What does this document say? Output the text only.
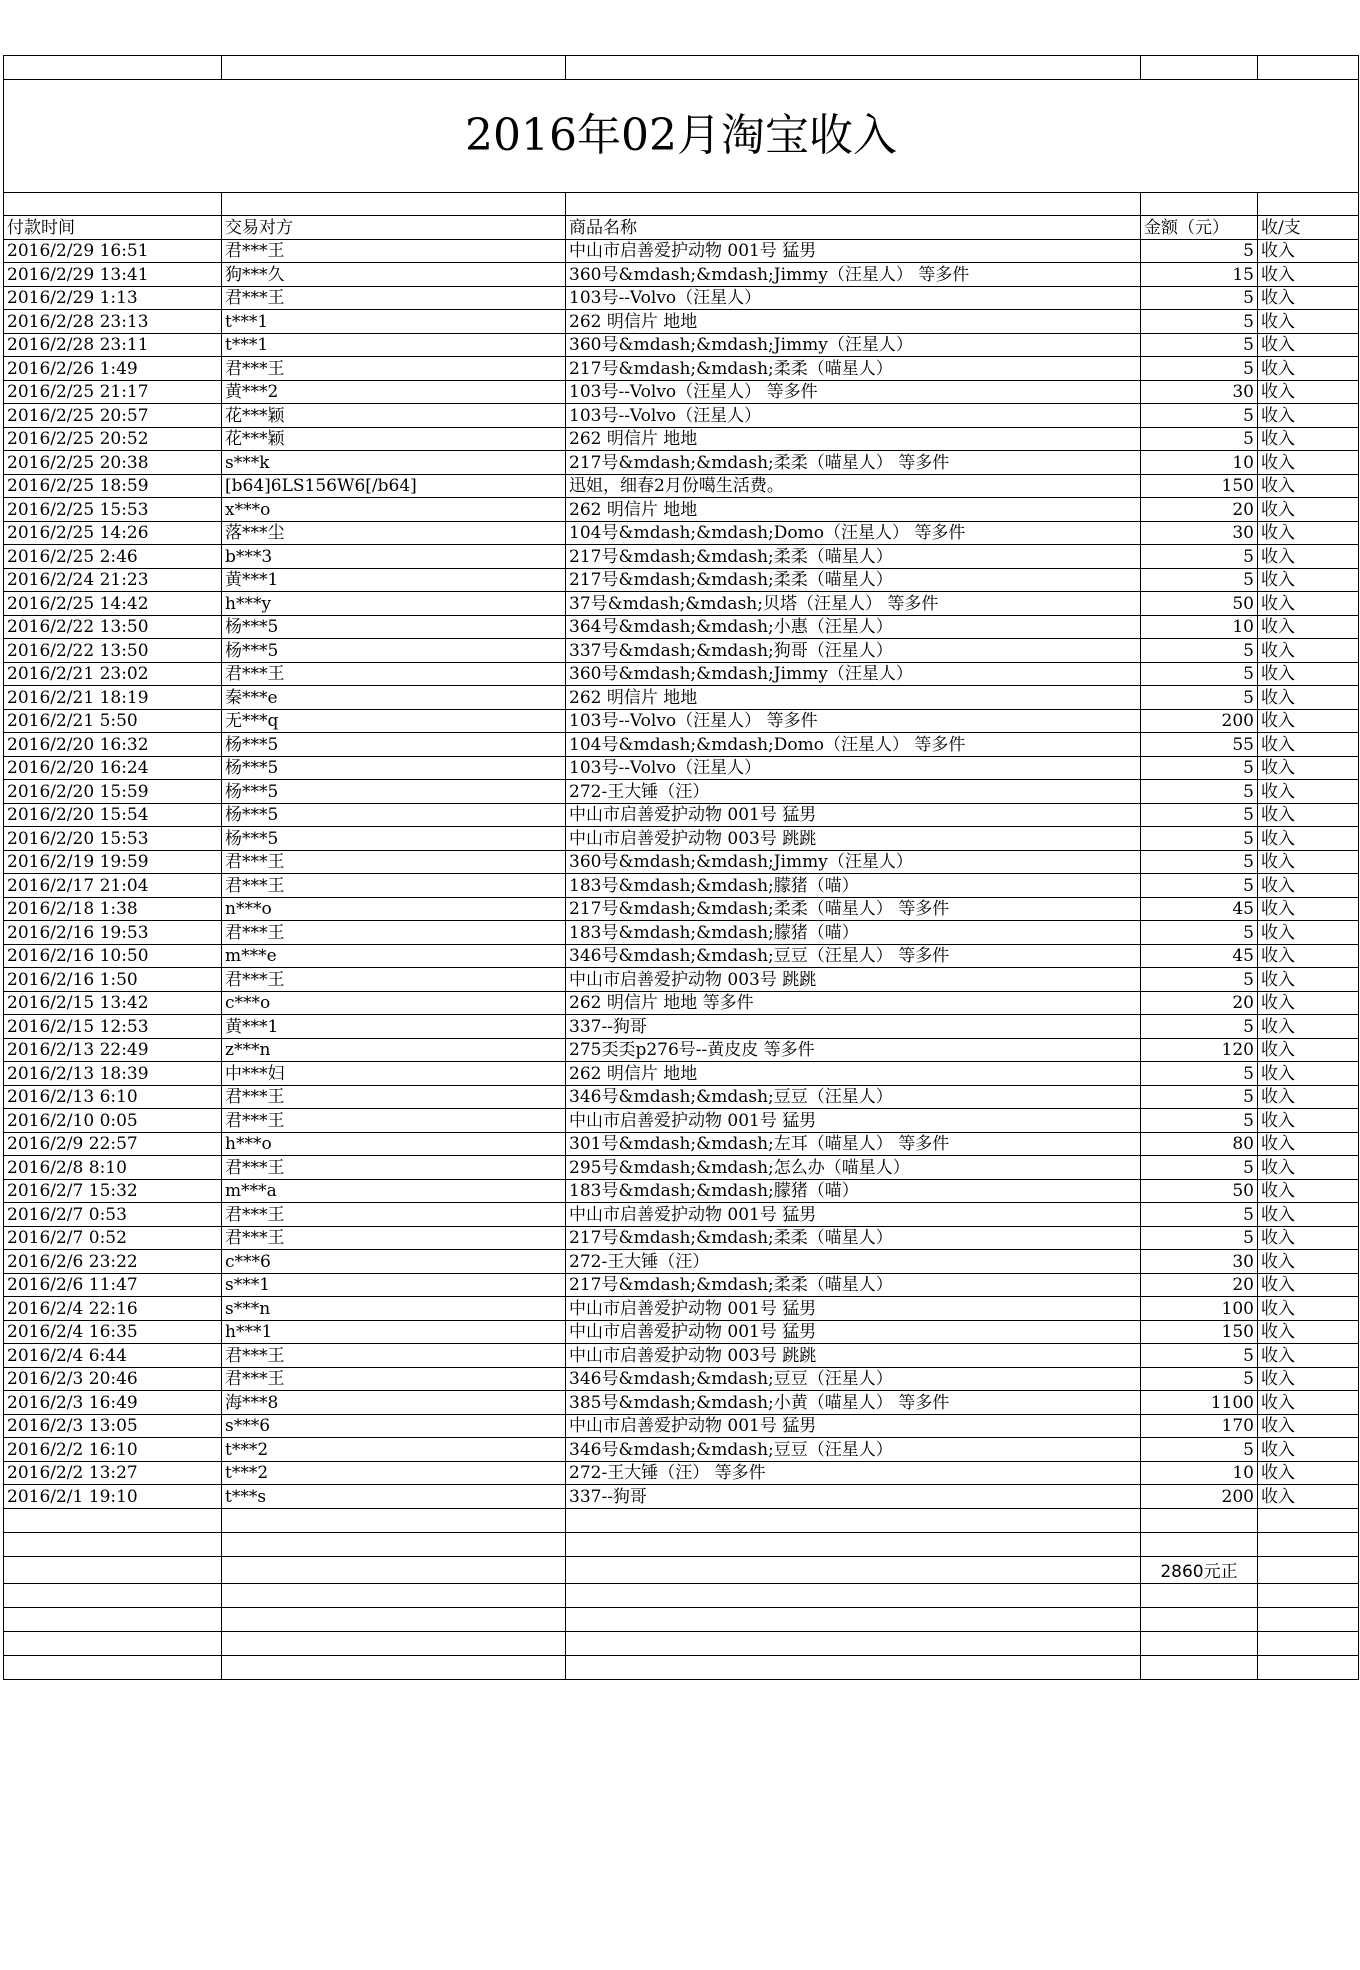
2016年02月淘宝收入				

付款时间	交易对方	商品名称	金额（元）	收/支
2016/2/29 16:51	君***王	中山市启善爱护动物 001号 猛男	5	收入
2016/2/29 13:41	狗***久	360号&mdash;&mdash;Jimmy（汪星人） 等多件	15	收入
2016/2/29 1:13	君***王	103号--Volvo（汪星人）	5	收入
2016/2/28 23:13	t***1	262 明信片 地地	5	收入
2016/2/28 23:11	t***1	360号&mdash;&mdash;Jimmy（汪星人）	5	收入
2016/2/26 1:49	君***王	217号&mdash;&mdash;柔柔（喵星人）	5	收入
2016/2/25 21:17	黄***2	103号--Volvo（汪星人） 等多件	30	收入
2016/2/25 20:57	花***颖	103号--Volvo（汪星人）	5	收入
2016/2/25 20:52	花***颖	262 明信片 地地	5	收入
2016/2/25 20:38	s***k	217号&mdash;&mdash;柔柔（喵星人） 等多件	10	收入
2016/2/25 18:59	[b64]6LS156W6[/b64]	迅姐，细春2月份噶生活费。	150	收入
2016/2/25 15:53	x***o	262 明信片 地地	20	收入
2016/2/25 14:26	落***尘	104号&mdash;&mdash;Domo（汪星人） 等多件	30	收入
2016/2/25 2:46	b***3	217号&mdash;&mdash;柔柔（喵星人）	5	收入
2016/2/24 21:23	黄***1	217号&mdash;&mdash;柔柔（喵星人）	5	收入
2016/2/25 14:42	h***y	37号&mdash;&mdash;贝塔（汪星人） 等多件	50	收入
2016/2/22 13:50	杨***5	364号&mdash;&mdash;小惠（汪星人）	10	收入
2016/2/22 13:50	杨***5	337号&mdash;&mdash;狗哥（汪星人）	5	收入
2016/2/21 23:02	君***王	360号&mdash;&mdash;Jimmy（汪星人）	5	收入
2016/2/21 18:19	秦***e	262 明信片 地地	5	收入
2016/2/21 5:50	无***q	103号--Volvo（汪星人） 等多件	200	收入
2016/2/20 16:32	杨***5	104号&mdash;&mdash;Domo（汪星人） 等多件	55	收入
2016/2/20 16:24	杨***5	103号--Volvo（汪星人）	5	收入
2016/2/20 15:59	杨***5	272-王大锤（汪）	5	收入
2016/2/20 15:54	杨***5	中山市启善爱护动物 001号 猛男	5	收入
2016/2/20 15:53	杨***5	中山市启善爱护动物 003号 跳跳	5	收入
2016/2/19 19:59	君***王	360号&mdash;&mdash;Jimmy（汪星人）	5	收入
2016/2/17 21:04	君***王	183号&mdash;&mdash;朦猪（喵）	5	收入
2016/2/18 1:38	n***o	217号&mdash;&mdash;柔柔（喵星人） 等多件	45	收入
2016/2/16 19:53	君***王	183号&mdash;&mdash;朦猪（喵）	5	收入
2016/2/16 10:50	m***e	346号&mdash;&mdash;豆豆（汪星人） 等多件	45	收入
2016/2/16 1:50	君***王	中山市启善爱护动物 003号 跳跳	5	收入
2016/2/15 13:42	c***o	262 明信片 地地 等多件	20	收入
2016/2/15 12:53	黄***1	337--狗哥	5	收入
2016/2/13 22:49	z***n	275奀奀p276号--黄皮皮 等多件	120	收入
2016/2/13 18:39	中***妇	262 明信片 地地	5	收入
2016/2/13 6:10	君***王	346号&mdash;&mdash;豆豆（汪星人）	5	收入
2016/2/10 0:05	君***王	中山市启善爱护动物 001号 猛男	5	收入
2016/2/9 22:57	h***o	301号&mdash;&mdash;左耳（喵星人） 等多件	80	收入
2016/2/8 8:10	君***王	295号&mdash;&mdash;怎么办（喵星人）	5	收入
2016/2/7 15:32	m***a	183号&mdash;&mdash;朦猪（喵）	50	收入
2016/2/7 0:53	君***王	中山市启善爱护动物 001号 猛男	5	收入
2016/2/7 0:52	君***王	217号&mdash;&mdash;柔柔（喵星人）	5	收入
2016/2/6 23:22	c***6	272-王大锤（汪）	30	收入
2016/2/6 11:47	s***1	217号&mdash;&mdash;柔柔（喵星人）	20	收入
2016/2/4 22:16	s***n	中山市启善爱护动物 001号 猛男	100	收入
2016/2/4 16:35	h***1	中山市启善爱护动物 001号 猛男	150	收入
2016/2/4 6:44	君***王	中山市启善爱护动物 003号 跳跳	5	收入
2016/2/3 20:46	君***王	346号&mdash;&mdash;豆豆（汪星人）	5	收入
2016/2/3 16:49	海***8	385号&mdash;&mdash;小黄（喵星人） 等多件	1100	收入
2016/2/3 13:05	s***6	中山市启善爱护动物 001号 猛男	170	收入
2016/2/2 16:10	t***2	346号&mdash;&mdash;豆豆（汪星人）	5	收入
2016/2/2 13:27	t***2	272-王大锤（汪） 等多件	10	收入
2016/2/1 19:10	t***s	337--狗哥	200	收入

			2860元正	
